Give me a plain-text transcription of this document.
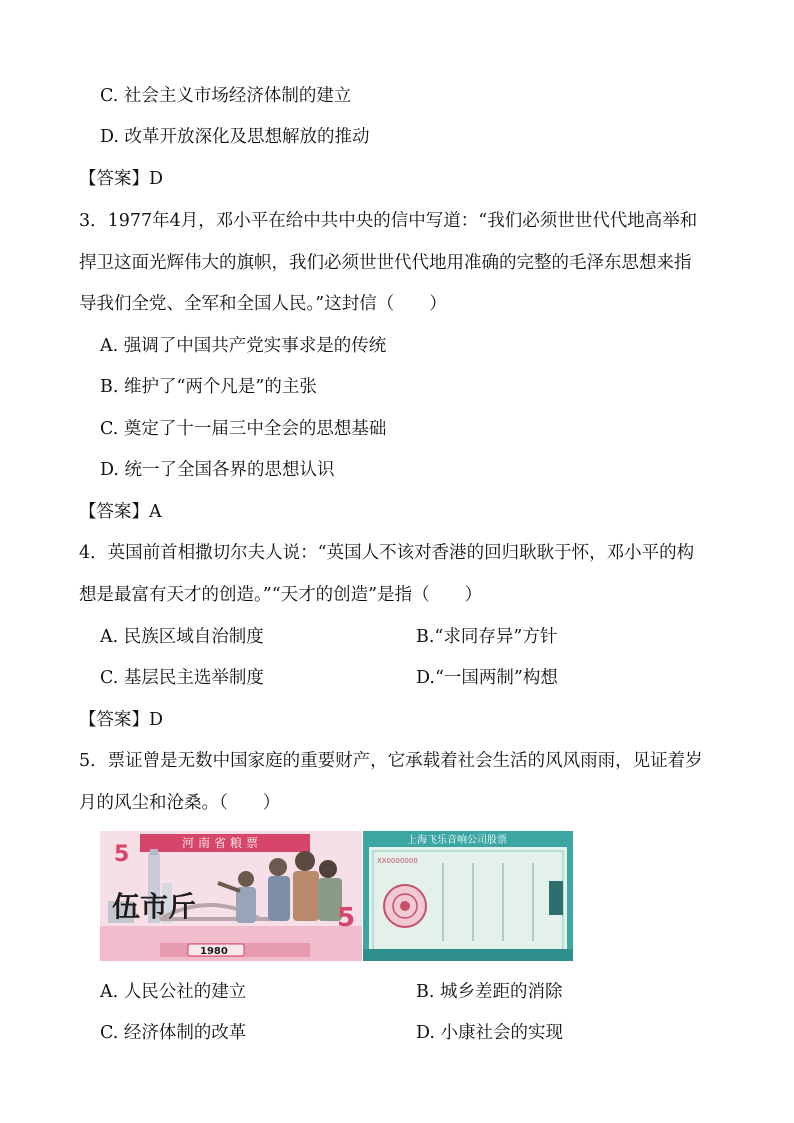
C. 社会主义市场经济体制的建立
D. 改革开放深化及思想解放的推动
【答案】D
3．1977年4月，邓小平在给中共中央的信中写道：“我们必须世世代代地高举和
捍卫这面光辉伟大的旗帜，我们必须世世代代地用准确的完整的毛泽东思想来指
导我们全党、全军和全国人民。”这封信（　　）
A. 强调了中国共产党实事求是的传统
B. 维护了“两个凡是”的主张
C. 奠定了十一届三中全会的思想基础
D. 统一了全国各界的思想认识
【答案】A
4．英国前首相撒切尔夫人说：“英国人不该对香港的回归耿耿于怀，邓小平的构
想是最富有天才的创造。”“天才的创造”是指（　　）
A. 民族区域自治制度	B.“求同存异”方针
C. 基层民主选举制度	D.“一国两制”构想
【答案】D
5．票证曾是无数中国家庭的重要财产，它承载着社会生活的风风雨雨，见证着岁
月的风尘和沧桑。（　　）
5
5
河南省粮票
伍市斤
1980
上海飞乐音响公司股票
XX0000000
A. 人民公社的建立	B. 城乡差距的消除
C. 经济体制的改革	D. 小康社会的实现
